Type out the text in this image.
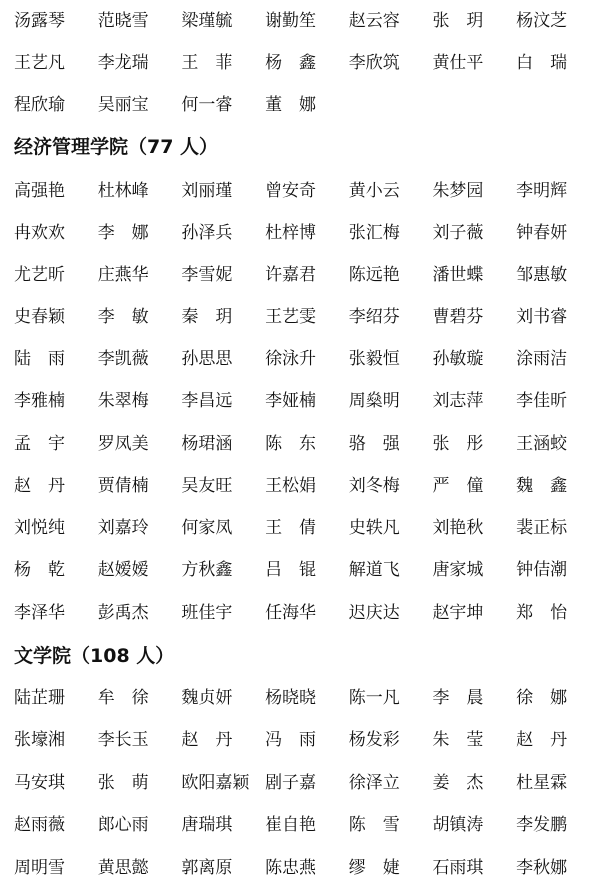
汤露琴	范晓雪	梁瑾毓	谢勤笙	赵云容	张　玥	杨汶芝
王艺凡	李龙瑞	王　菲	杨　鑫	李欣筑	黄仕平	白　瑞
程欣瑜	吴丽宝	何一睿	董　娜
经济管理学院（77 人）
高强艳	杜林峰	刘丽瑾	曾安奇	黄小云	朱梦园	李明辉
冉欢欢	李　娜	孙泽兵	杜梓博	张汇梅	刘子薇	钟春妍
尤艺昕	庄燕华	李雪妮	许嘉君	陈远艳	潘世蝶	邹惠敏
史春颖	李　敏	秦　玥	王艺雯	李绍芬	曹碧芬	刘书睿
陆　雨	李凯薇	孙思思	徐泳升	张毅恒	孙敏璇	涂雨洁
李雅楠	朱翠梅	李昌远	李娅楠	周燊明	刘志萍	李佳昕
孟　宇	罗凤美	杨珺涵	陈　东	骆　强	张　彤	王涵蛟
赵　丹	贾倩楠	吴友旺	王松娟	刘冬梅	严　僮	魏　鑫
刘悦纯	刘嘉玲	何家凤	王　倩	史轶凡	刘艳秋	裴正标
杨　乾	赵嫒嫒	方秋鑫	吕　锟	解道飞	唐家城	钟佶潮
李泽华	彭禹杰	班佳宇	任海华	迟庆达	赵宇坤	郑　怡
文学院（108 人）
陆芷珊	牟　徐	魏贞妍	杨晓晓	陈一凡	李　晨	徐　娜
张壕湘	李长玉	赵　丹	冯　雨	杨发彩	朱　莹	赵　丹
马安琪	张　萌	欧阳嘉颖 剧子嘉	徐泽立	姜　杰	杜星霖
赵雨薇	郎心雨	唐瑞琪	崔自艳	陈　雪	胡镇涛	李发鹏
周明雪	黄思懿	郭离原	陈忠燕	缪　婕	石雨琪	李秋娜
